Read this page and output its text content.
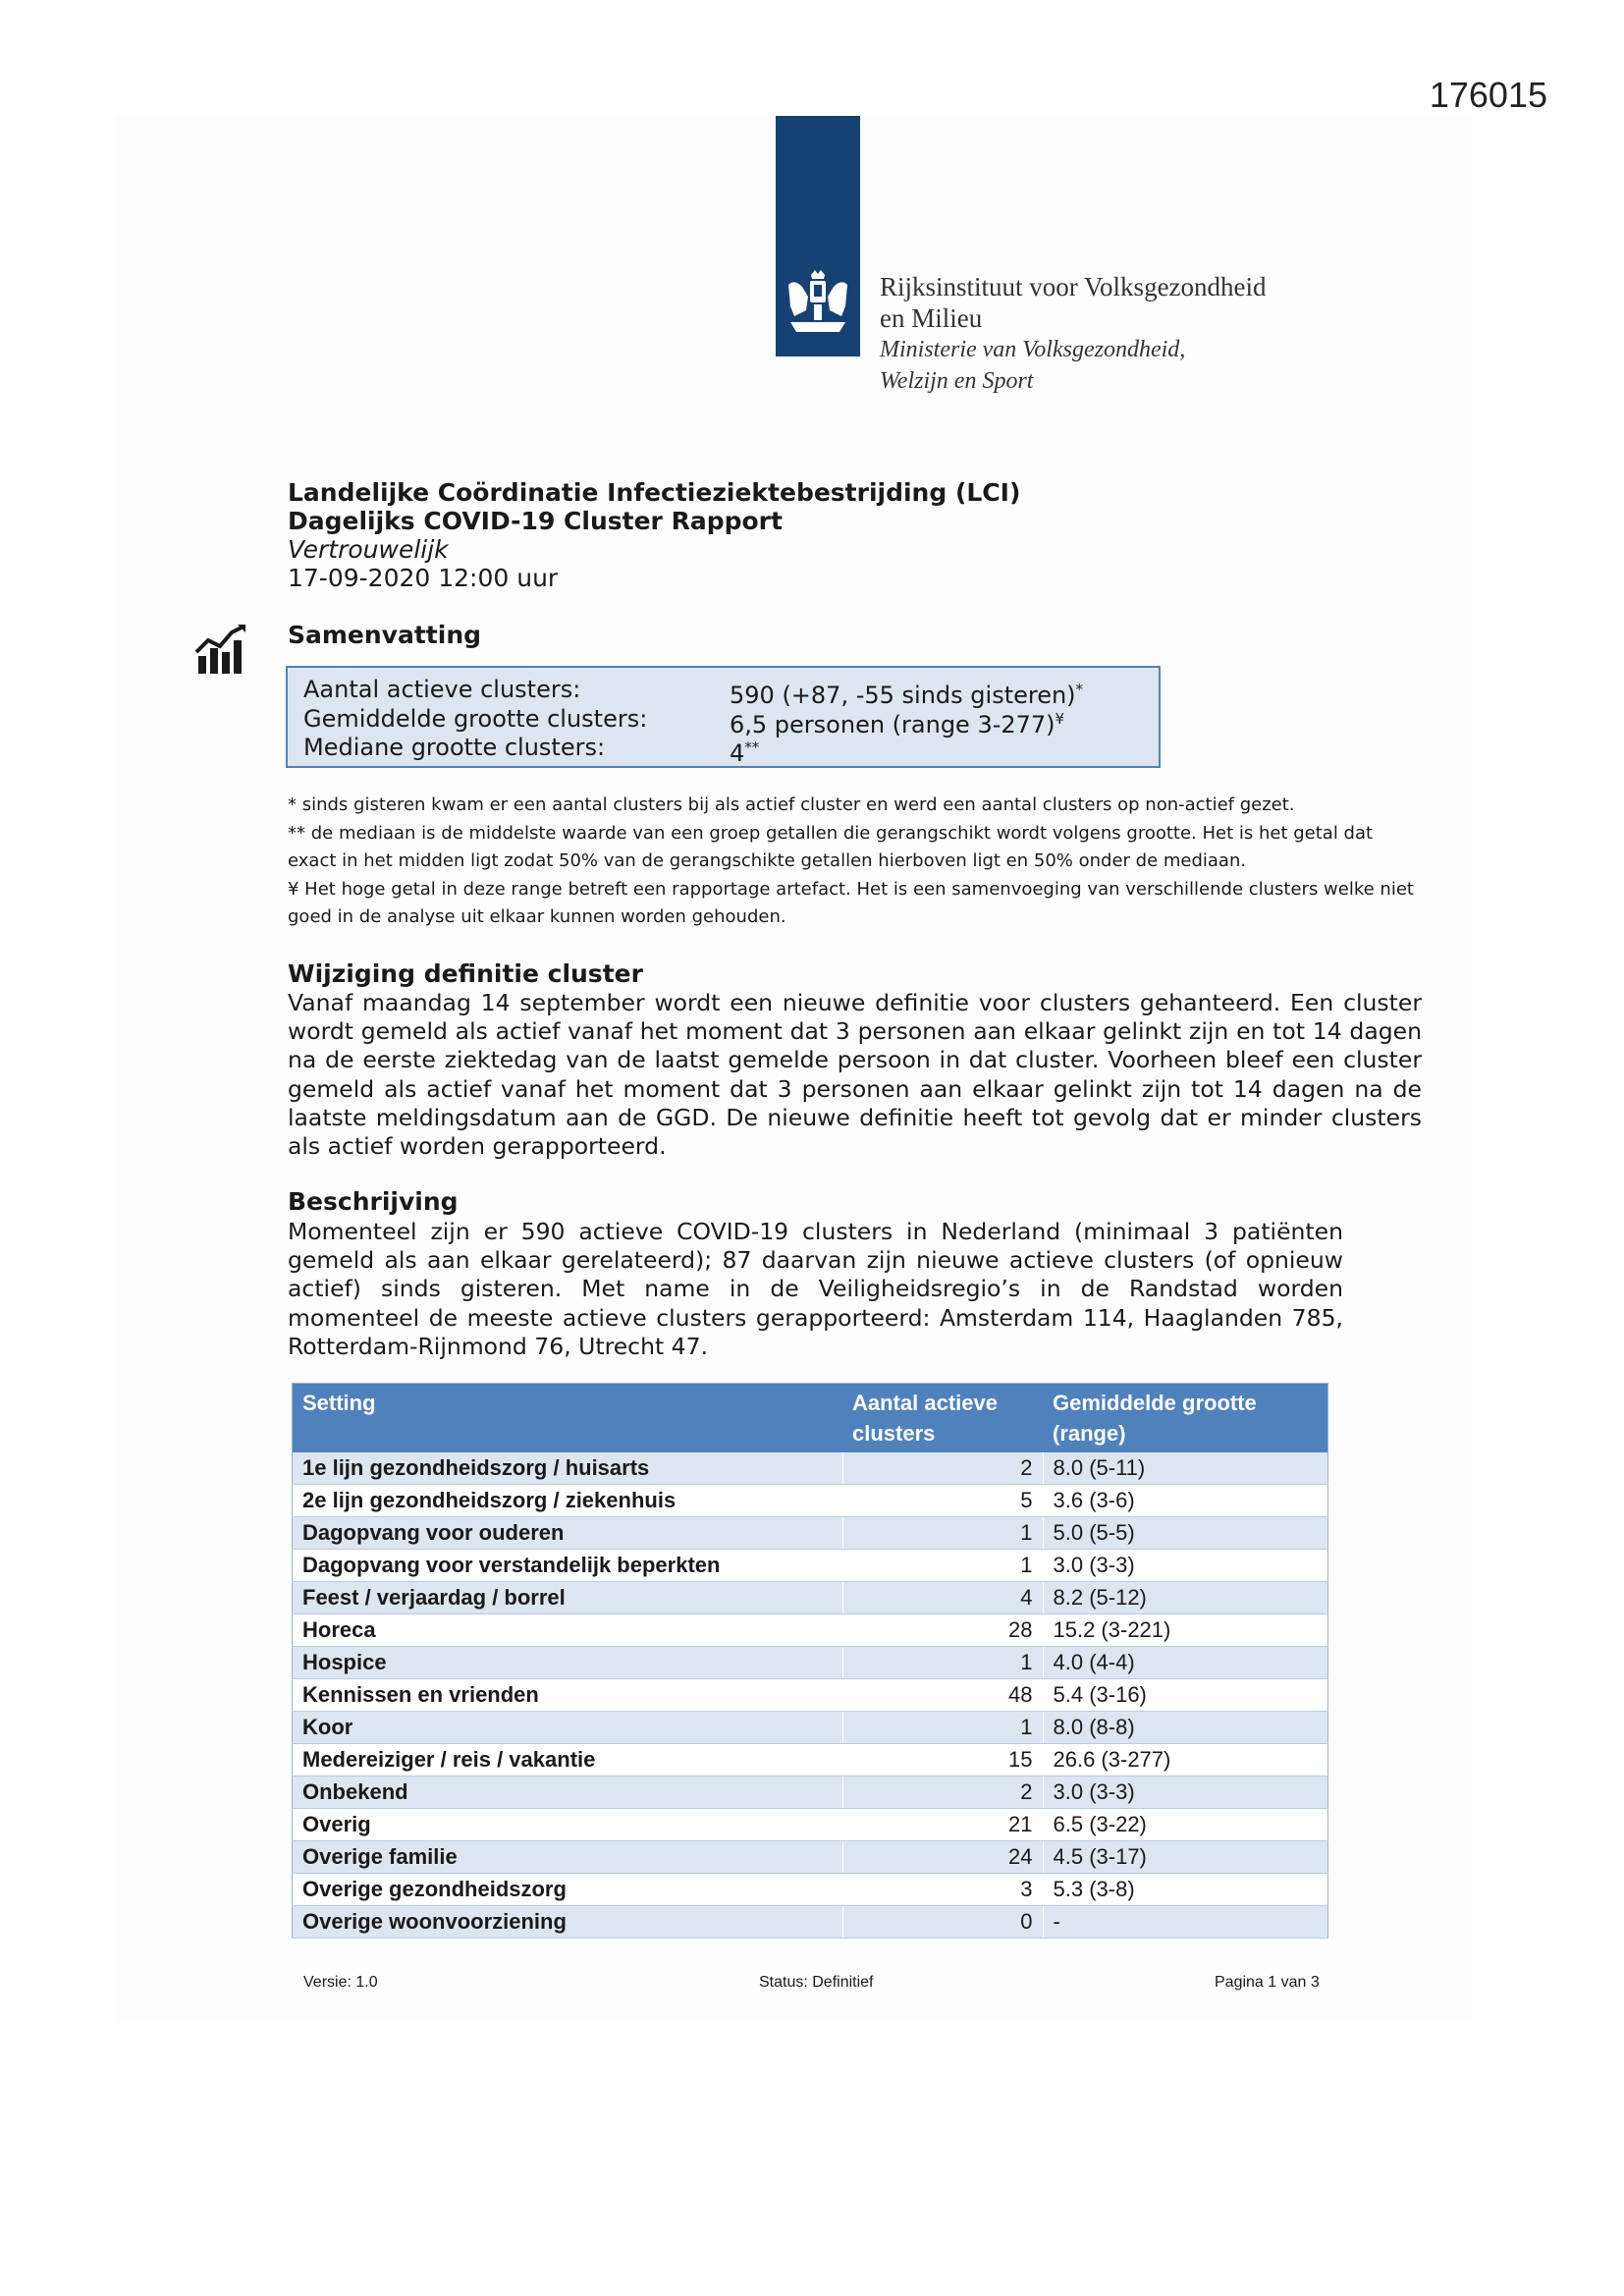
176015
Rijksinstituut voor Volksgezondheid
en Milieu
Ministerie van Volksgezondheid,
Welzijn en Sport
Landelijke Coördinatie Infectieziektebestrijding (LCI)
Dagelijks COVID-19 Cluster Rapport
Vertrouwelijk
17-09-2020 12:00 uur
Samenvatting
Aantal actieve clusters:	590 (+87, -55 sinds gisteren)*
Gemiddelde grootte clusters:	6,5 personen (range 3-277)¥
Mediane grootte clusters:	4**

* sinds gisteren kwam er een aantal clusters bij als actief cluster en werd een aantal clusters op non-actief gezet.

** de mediaan is de middelste waarde van een groep getallen die gerangschikt wordt volgens grootte. Het is het getal dat exact in het midden ligt zodat 50% van de gerangschikte getallen hierboven ligt en 50% onder de mediaan.

¥ Het hoge getal in deze range betreft een rapportage artefact. Het is een samenvoeging van verschillende clusters welke niet goed in de analyse uit elkaar kunnen worden gehouden.

Wijziging definitie cluster

Vanaf maandag 14 september wordt een nieuwe definitie voor clusters gehanteerd. Een cluster wordt gemeld als actief vanaf het moment dat 3 personen aan elkaar gelinkt zijn en tot 14 dagen na de eerste ziektedag van de laatst gemelde persoon in dat cluster. Voorheen bleef een cluster gemeld als actief vanaf het moment dat 3 personen aan elkaar gelinkt zijn tot 14 dagen na de laatste meldingsdatum aan de GGD. De nieuwe definitie heeft tot gevolg dat er minder clusters als actief worden gerapporteerd.

Beschrijving

Momenteel zijn er 590 actieve COVID-19 clusters in Nederland (minimaal 3 patiënten gemeld als aan elkaar gerelateerd); 87 daarvan zijn nieuwe actieve clusters (of opnieuw actief) sinds gisteren. Met name in de Veiligheidsregio’s in de Randstad worden momenteel de meeste actieve clusters gerapporteerd: Amsterdam 114, Haaglanden 785, Rotterdam-Rijnmond 76, Utrecht 47.

Setting	Aantal actieve clusters	Gemiddelde grootte (range)
1e lijn gezondheidszorg / huisarts	2	8.0 (5-11)
2e lijn gezondheidszorg / ziekenhuis	5	3.6 (3-6)
Dagopvang voor ouderen	1	5.0 (5-5)
Dagopvang voor verstandelijk beperkten	1	3.0 (3-3)
Feest / verjaardag / borrel	4	8.2 (5-12)
Horeca	28	15.2 (3-221)
Hospice	1	4.0 (4-4)
Kennissen en vrienden	48	5.4 (3-16)
Koor	1	8.0 (8-8)
Medereiziger / reis / vakantie	15	26.6 (3-277)
Onbekend	2	3.0 (3-3)
Overig	21	6.5 (3-22)
Overige familie	24	4.5 (3-17)
Overige gezondheidszorg	3	5.3 (3-8)
Overige woonvoorziening	0	-
Versie: 1.0	Status: Definitief	Pagina 1 van 3
